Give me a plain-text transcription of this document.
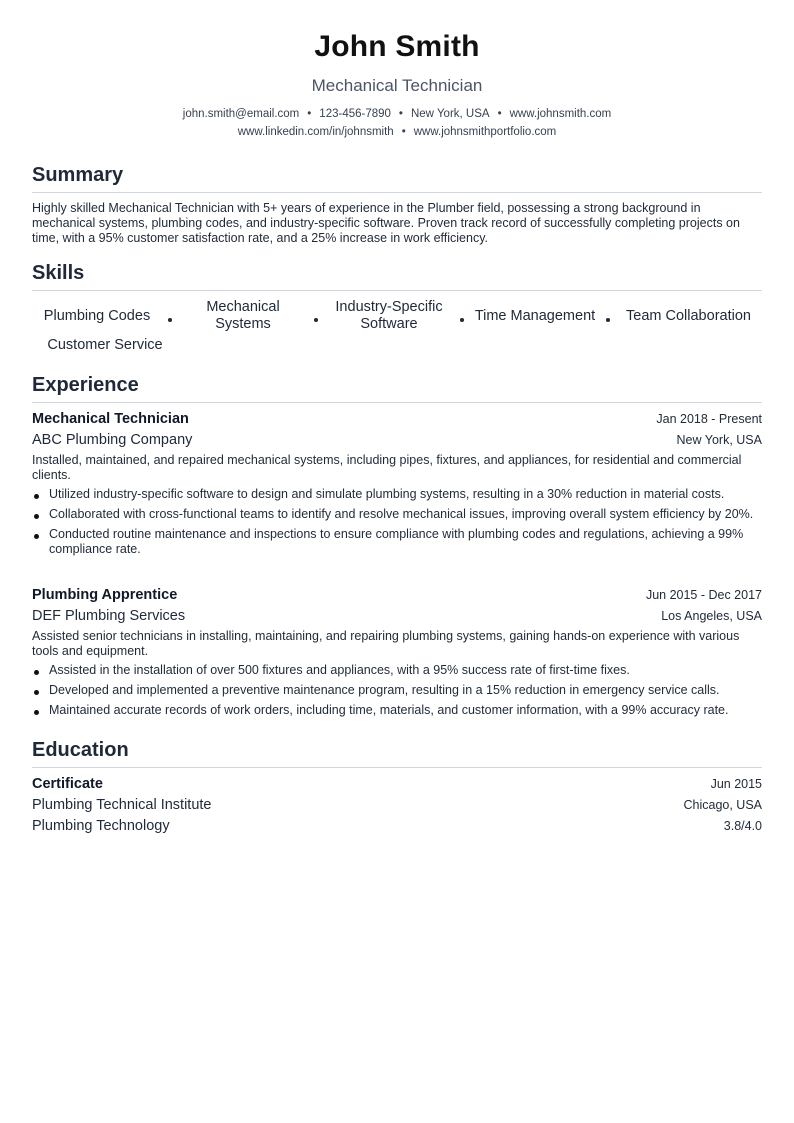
John Smith
Mechanical Technician
john.smith@email.com • 123-456-7890 • New York, USA • www.johnsmith.com
www.linkedin.com/in/johnsmith • www.johnsmithportfolio.com
Summary
Highly skilled Mechanical Technician with 5+ years of experience in the Plumber field, possessing a strong background in mechanical systems, plumbing codes, and industry-specific software. Proven track record of successfully completing projects on time, with a 95% customer satisfaction rate, and a 25% increase in work efficiency.
Skills
Plumbing Codes
Mechanical Systems
Industry-Specific Software	Time Management	Team Collaboration
Customer Service
Experience
Mechanical Technician	Jan 2018 - Present
ABC Plumbing Company	New York, USA
Installed, maintained, and repaired mechanical systems, including pipes, fixtures, and appliances, for residential and commercial clients.
Utilized industry-specific software to design and simulate plumbing systems, resulting in a 30% reduction in material costs.
Collaborated with cross-functional teams to identify and resolve mechanical issues, improving overall system efficiency by 20%.
Conducted routine maintenance and inspections to ensure compliance with plumbing codes and regulations, achieving a 99% compliance rate.
Plumbing Apprentice	Jun 2015 - Dec 2017
DEF Plumbing Services	Los Angeles, USA
Assisted senior technicians in installing, maintaining, and repairing plumbing systems, gaining hands-on experience with various tools and equipment.
Assisted in the installation of over 500 fixtures and appliances, with a 95% success rate of first-time fixes.
Developed and implemented a preventive maintenance program, resulting in a 15% reduction in emergency service calls.
Maintained accurate records of work orders, including time, materials, and customer information, with a 99% accuracy rate.
Education
Certificate	Jun 2015
Plumbing Technical Institute	Chicago, USA
Plumbing Technology	3.8/4.0
